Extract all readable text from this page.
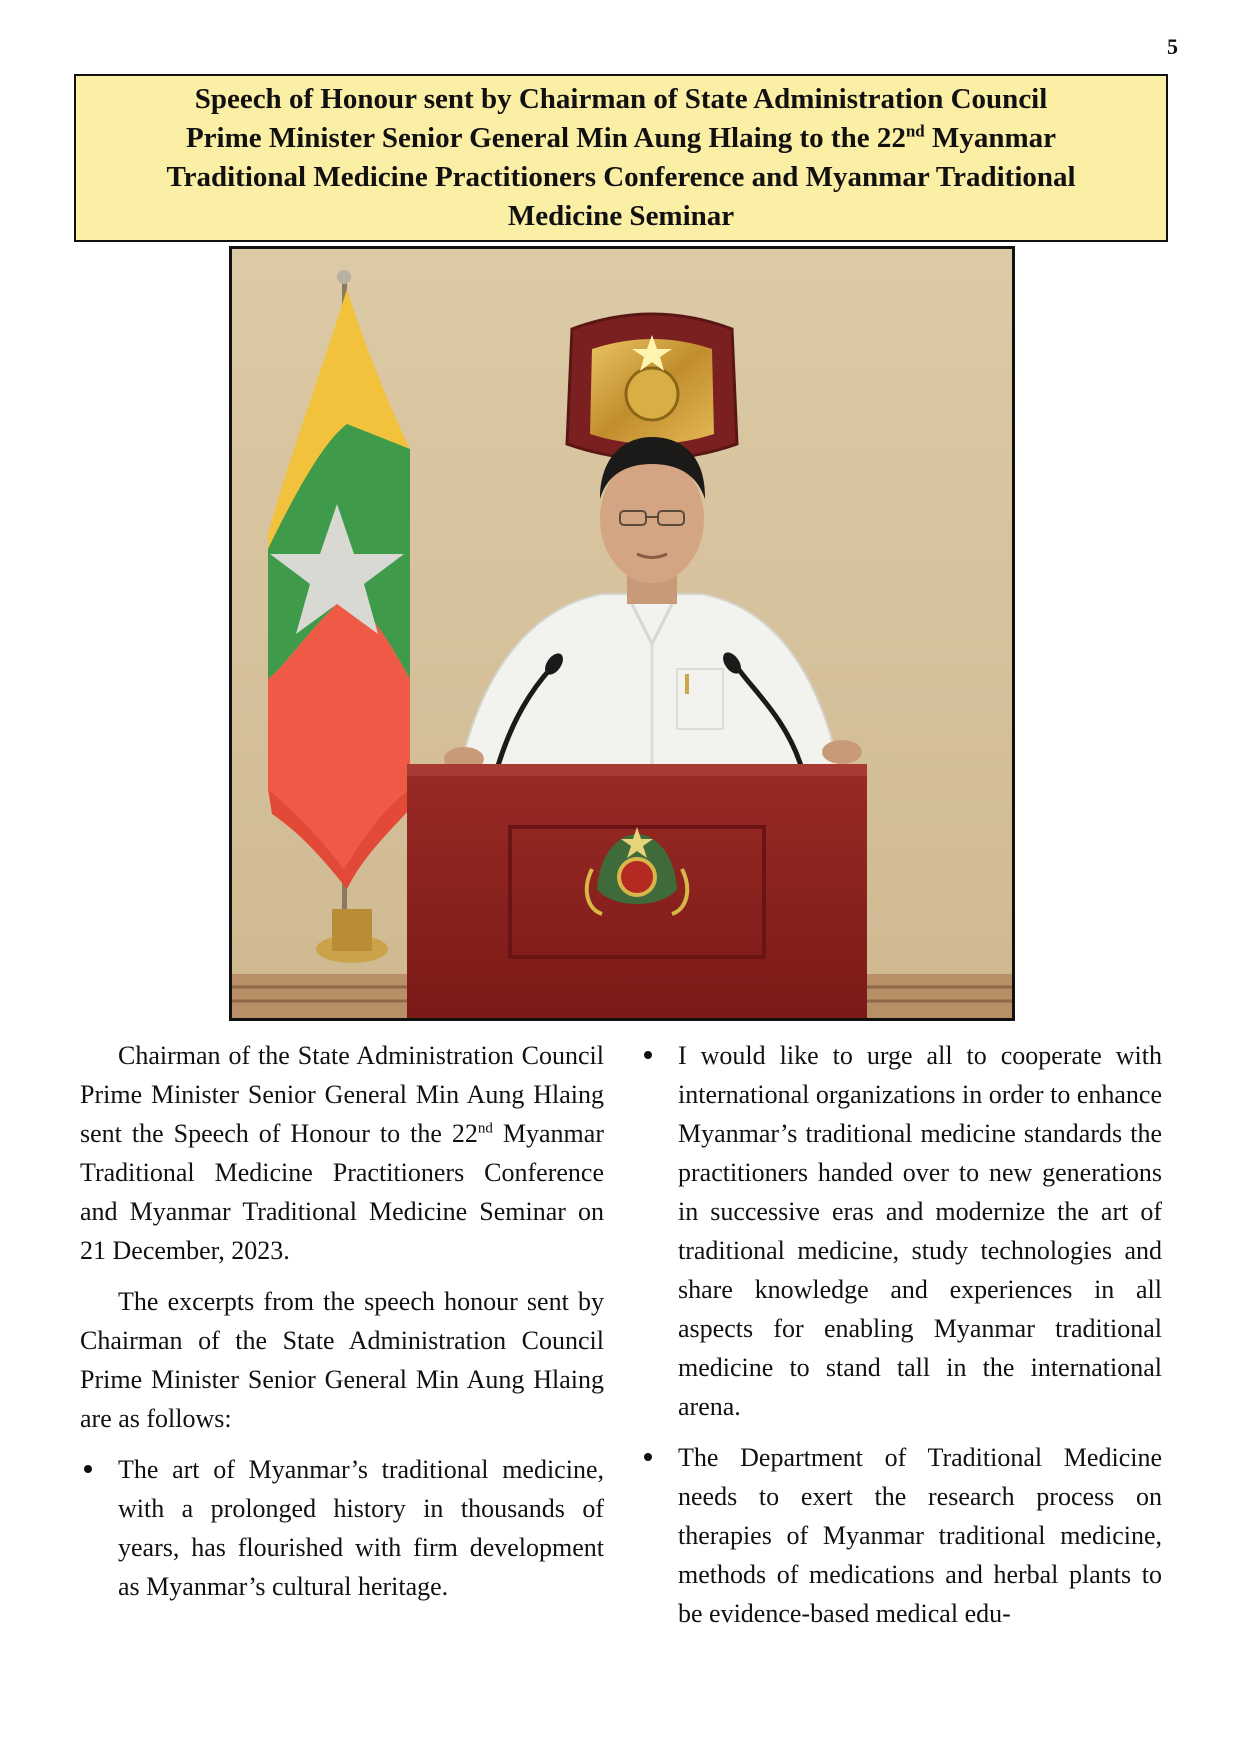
5

Speech of Honour sent by Chairman of State Administration Council
Prime Minister Senior General Min Aung Hlaing to the 22nd Myanmar
Traditional Medicine Practitioners Conference and Myanmar Traditional
Medicine Seminar

Chairman of the State Administration Council Prime Minister Senior General Min Aung Hlaing sent the Speech of Honour to the 22nd Myanmar Traditional Medicine Practitioners Conference and Myanmar Traditional Medicine Seminar on 21 December, 2023.

The excerpts from the speech honour sent by Chairman of the State Administration Council Prime Minister Senior General Min Aung Hlaing are as follows:

The art of Myanmar’s traditional medicine, with a prolonged history in thousands of years, has flourished with firm development as Myanmar’s cultural heritage.
I would like to urge all to cooperate with international organizations in order to enhance Myanmar’s traditional medicine standards the practitioners handed over to new generations in successive eras and modernize the art of traditional medicine, study technologies and share knowledge and experiences in all aspects for enabling Myanmar traditional medicine to stand tall in the international arena.
The Department of Traditional Medicine needs to exert the research process on therapies of Myanmar traditional medicine, methods of medications and herbal plants to be evidence-based medical edu-
